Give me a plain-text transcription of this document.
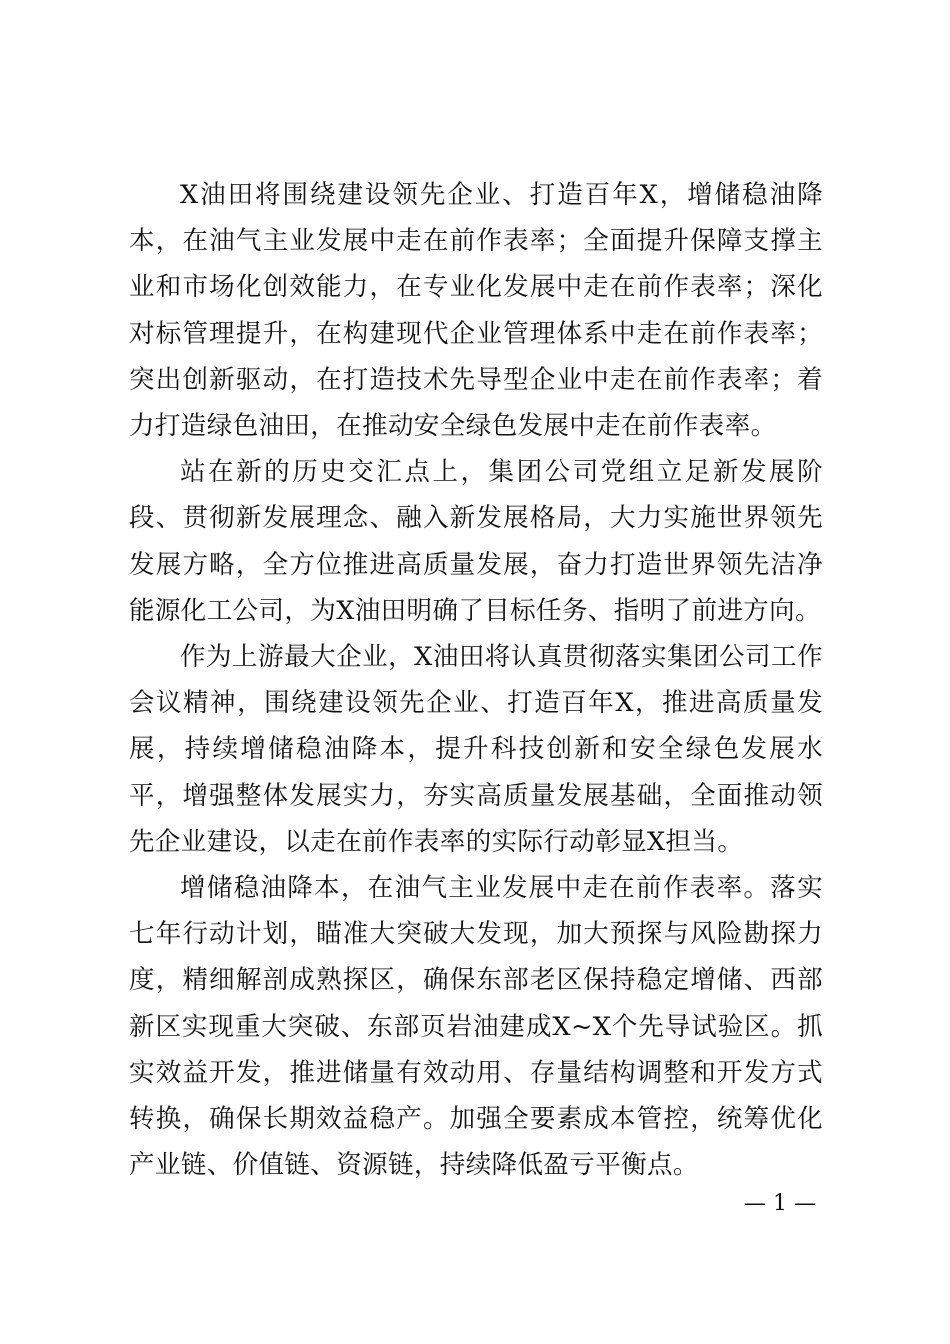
X油田将围绕建设领先企业、打造百年X，增储稳油降本，在油气主业发展中走在前作表率；全面提升保障支撑主业和市场化创效能力，在专业化发展中走在前作表率；深化对标管理提升，在构建现代企业管理体系中走在前作表率；突出创新驱动，在打造技术先导型企业中走在前作表率；着力打造绿色油田，在推动安全绿色发展中走在前作表率。

站在新的历史交汇点上，集团公司党组立足新发展阶段、贯彻新发展理念、融入新发展格局，大力实施世界领先发展方略，全方位推进高质量发展，奋力打造世界领先洁净能源化工公司，为X油田明确了目标任务、指明了前进方向。

作为上游最大企业，X油田将认真贯彻落实集团公司工作会议精神，围绕建设领先企业、打造百年X，推进高质量发展，持续增储稳油降本，提升科技创新和安全绿色发展水平，增强整体发展实力，夯实高质量发展基础，全面推动领先企业建设，以走在前作表率的实际行动彰显X担当。

增储稳油降本，在油气主业发展中走在前作表率。落实七年行动计划，瞄准大突破大发现，加大预探与风险勘探力度，精细解剖成熟探区，确保东部老区保持稳定增储、西部新区实现重大突破、东部页岩油建成X~X个先导试验区。抓实效益开发，推进储量有效动用、存量结构调整和开发方式转换，确保长期效益稳产。加强全要素成本管控，统筹优化产业链、价值链、资源链，持续降低盈亏平衡点。

— 1 —
